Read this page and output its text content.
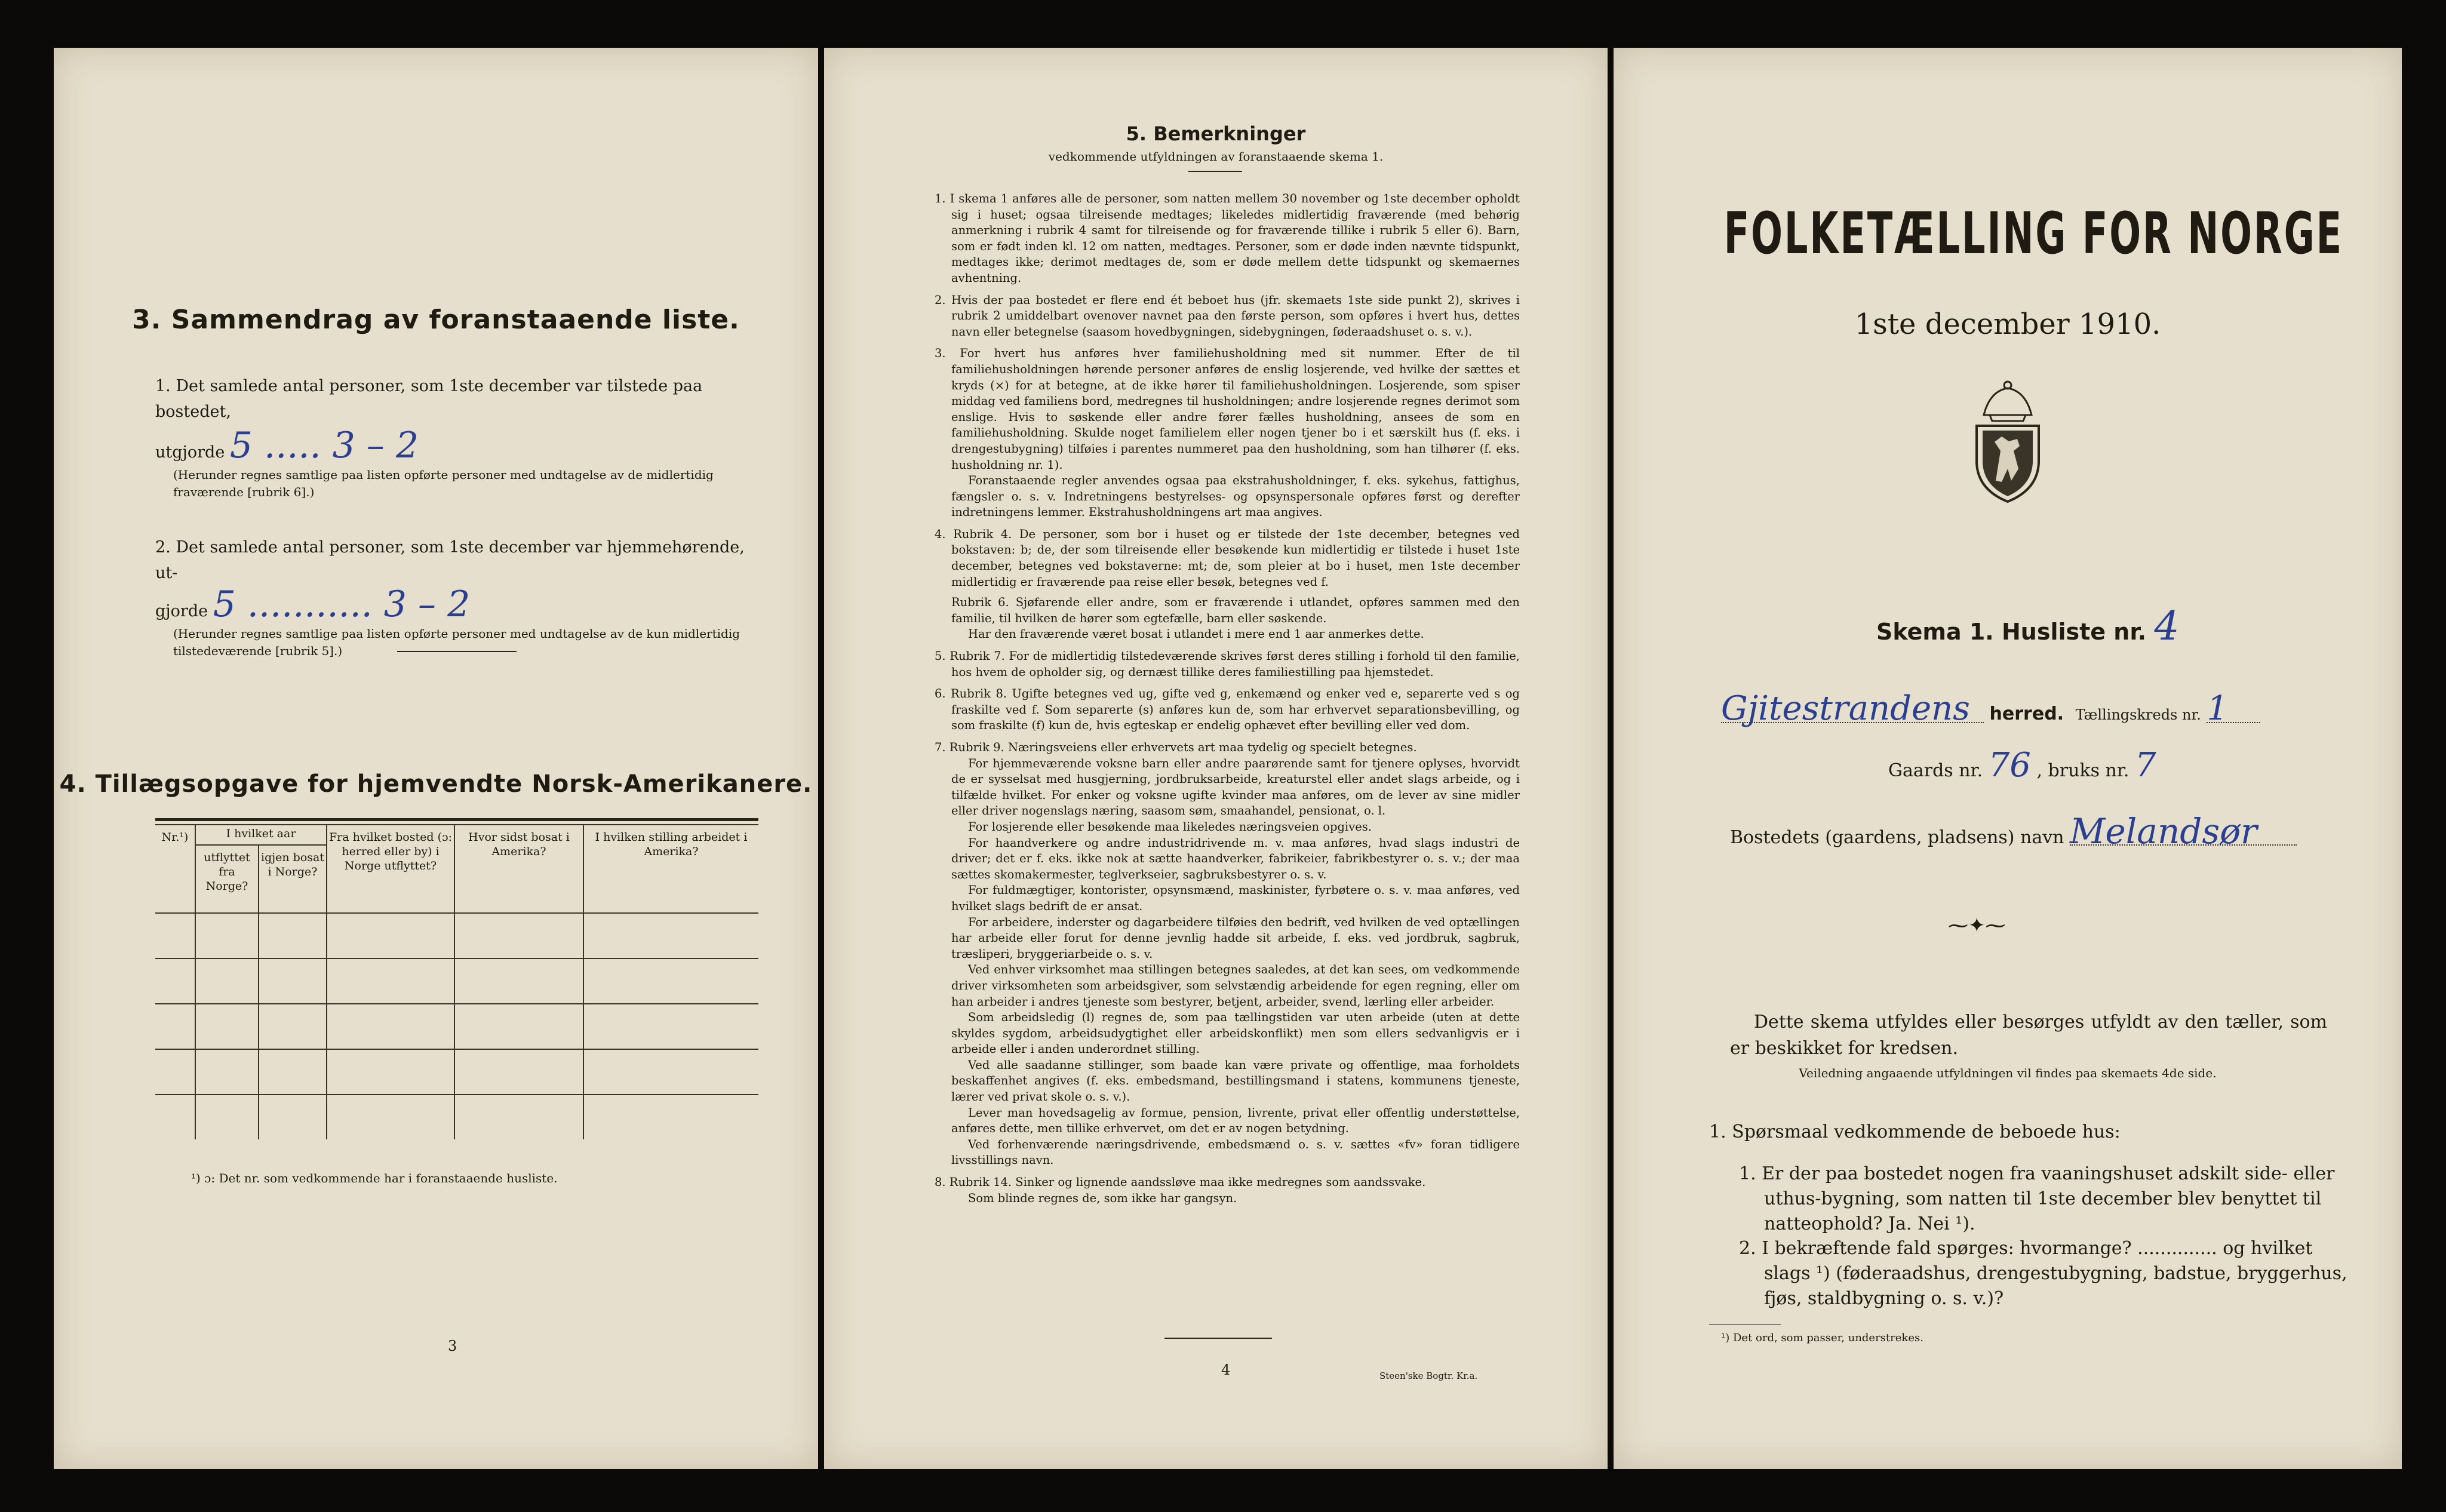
3. Sammendrag av foranstaaende liste.
1. Det samlede antal personer, som 1ste december var tilstede paa bostedet,
utgjorde 5 ..... 3 – 2
(Herunder regnes samtlige paa listen opførte personer med undtagelse av de midlertidig fraværende [rubrik 6].)
2. Det samlede antal personer, som 1ste december var hjemmehørende, ut-
gjorde 5 ........... 3 – 2
(Herunder regnes samtlige paa listen opførte personer med undtagelse av de kun midlertidig tilstedeværende [rubrik 5].)
4. Tillægsopgave for hjemvendte Norsk-Amerikanere.
Nr.¹)	I hvilket aar		Fra hvilket bosted (ɔ: herred eller by) i Norge utflyttet?	Hvor sidst bosat i Amerika?	I hvilken stilling arbeidet i Amerika?
	utflyttet fra Norge?	igjen bosat i Norge?			

¹) ɔ: Det nr. som vedkommende har i foranstaaende husliste.
3
5. Bemerkninger
vedkommende utfyldningen av foranstaaende skema 1.

1. I skema 1 anføres alle de personer, som natten mellem 30 november og 1ste december opholdt sig i huset; ogsaa tilreisende medtages; likeledes midlertidig fraværende (med behørig anmerkning i rubrik 4 samt for tilreisende og for fraværende tillike i rubrik 5 eller 6). Barn, som er født inden kl. 12 om natten, medtages. Personer, som er døde inden nævnte tidspunkt, medtages ikke; derimot medtages de, som er døde mellem dette tidspunkt og skemaernes avhentning.

2. Hvis der paa bostedet er flere end ét beboet hus (jfr. skemaets 1ste side punkt 2), skrives i rubrik 2 umiddelbart ovenover navnet paa den første person, som opføres i hvert hus, dettes navn eller betegnelse (saasom hovedbygningen, sidebygningen, føderaadshuset o. s. v.).

3. For hvert hus anføres hver familiehusholdning med sit nummer. Efter de til familiehusholdningen hørende personer anføres de enslig losjerende, ved hvilke der sættes et kryds (×) for at betegne, at de ikke hører til familiehusholdningen. Losjerende, som spiser middag ved familiens bord, medregnes til husholdningen; andre losjerende regnes derimot som enslige. Hvis to søskende eller andre fører fælles husholdning, ansees de som en familiehusholdning. Skulde noget familielem eller nogen tjener bo i et særskilt hus (f. eks. i drengestubygning) tilføies i parentes nummeret paa den husholdning, som han tilhører (f. eks. husholdning nr. 1).

Foranstaaende regler anvendes ogsaa paa ekstrahusholdninger, f. eks. sykehus, fattighus, fængsler o. s. v. Indretningens bestyrelses- og opsynspersonale opføres først og derefter indretningens lemmer. Ekstrahusholdningens art maa angives.

4. Rubrik 4. De personer, som bor i huset og er tilstede der 1ste december, betegnes ved bokstaven: b; de, der som tilreisende eller besøkende kun midlertidig er tilstede i huset 1ste december, betegnes ved bokstaverne: mt; de, som pleier at bo i huset, men 1ste december midlertidig er fraværende paa reise eller besøk, betegnes ved f.

Rubrik 6. Sjøfarende eller andre, som er fraværende i utlandet, opføres sammen med den familie, til hvilken de hører som egtefælle, barn eller søskende.

Har den fraværende været bosat i utlandet i mere end 1 aar anmerkes dette.

5. Rubrik 7. For de midlertidig tilstedeværende skrives først deres stilling i forhold til den familie, hos hvem de opholder sig, og dernæst tillike deres familiestilling paa hjemstedet.

6. Rubrik 8. Ugifte betegnes ved ug, gifte ved g, enkemænd og enker ved e, separerte ved s og fraskilte ved f. Som separerte (s) anføres kun de, som har erhvervet separationsbevilling, og som fraskilte (f) kun de, hvis egteskap er endelig ophævet efter bevilling eller ved dom.

7. Rubrik 9. Næringsveiens eller erhvervets art maa tydelig og specielt betegnes.

For hjemmeværende voksne barn eller andre paarørende samt for tjenere oplyses, hvorvidt de er sysselsat med husgjerning, jordbruksarbeide, kreaturstel eller andet slags arbeide, og i tilfælde hvilket. For enker og voksne ugifte kvinder maa anføres, om de lever av sine midler eller driver nogenslags næring, saasom søm, smaahandel, pensionat, o. l.

For losjerende eller besøkende maa likeledes næringsveien opgives.

For haandverkere og andre industridrivende m. v. maa anføres, hvad slags industri de driver; det er f. eks. ikke nok at sætte haandverker, fabrikeier, fabrikbestyrer o. s. v.; der maa sættes skomakermester, teglverkseier, sagbruksbestyrer o. s. v.

For fuldmægtiger, kontorister, opsynsmænd, maskinister, fyrbøtere o. s. v. maa anføres, ved hvilket slags bedrift de er ansat.

For arbeidere, inderster og dagarbeidere tilføies den bedrift, ved hvilken de ved optællingen har arbeide eller forut for denne jevnlig hadde sit arbeide, f. eks. ved jordbruk, sagbruk, træsliperi, bryggeriarbeide o. s. v.

Ved enhver virksomhet maa stillingen betegnes saaledes, at det kan sees, om vedkommende driver virksomheten som arbeidsgiver, som selvstændig arbeidende for egen regning, eller om han arbeider i andres tjeneste som bestyrer, betjent, arbeider, svend, lærling eller arbeider.

Som arbeidsledig (l) regnes de, som paa tællingstiden var uten arbeide (uten at dette skyldes sygdom, arbeidsudygtighet eller arbeidskonflikt) men som ellers sedvanligvis er i arbeide eller i anden underordnet stilling.

Ved alle saadanne stillinger, som baade kan være private og offentlige, maa forholdets beskaffenhet angives (f. eks. embedsmand, bestillingsmand i statens, kommunens tjeneste, lærer ved privat skole o. s. v.).

Lever man hovedsagelig av formue, pension, livrente, privat eller offentlig understøttelse, anføres dette, men tillike erhvervet, om det er av nogen betydning.

Ved forhenværende næringsdrivende, embedsmænd o. s. v. sættes «fv» foran tidligere livsstillings navn.

8. Rubrik 14. Sinker og lignende aandssløve maa ikke medregnes som aandssvake.

Som blinde regnes de, som ikke har gangsyn.

4	Steen'ske Bogtr. Kr.a.
FOLKETÆLLING FOR NORGE
1ste december 1910.
Skema 1. Husliste nr. 4
Gjitestrandens herred. Tællingskreds nr. 1
Gaards nr. 76 , bruks nr. 7
Bostedets (gaardens, pladsens) navn Melandsør
⁓✦⁓
Dette skema utfyldes eller besørges utfyldt av den tæller, som er beskikket for kredsen.
Veiledning angaaende utfyldningen vil findes paa skemaets 4de side.
1. Spørsmaal vedkommende de beboede hus:
1. Er der paa bostedet nogen fra vaaningshuset adskilt side- eller uthus-bygning, som natten til 1ste december blev benyttet til natteophold? Ja. Nei ¹).
2. I bekræftende fald spørges: hvormange? .............. og hvilket slags ¹) (føderaadshus, drengestubygning, badstue, bryggerhus, fjøs, staldbygning o. s. v.)?
¹) Det ord, som passer, understrekes.
